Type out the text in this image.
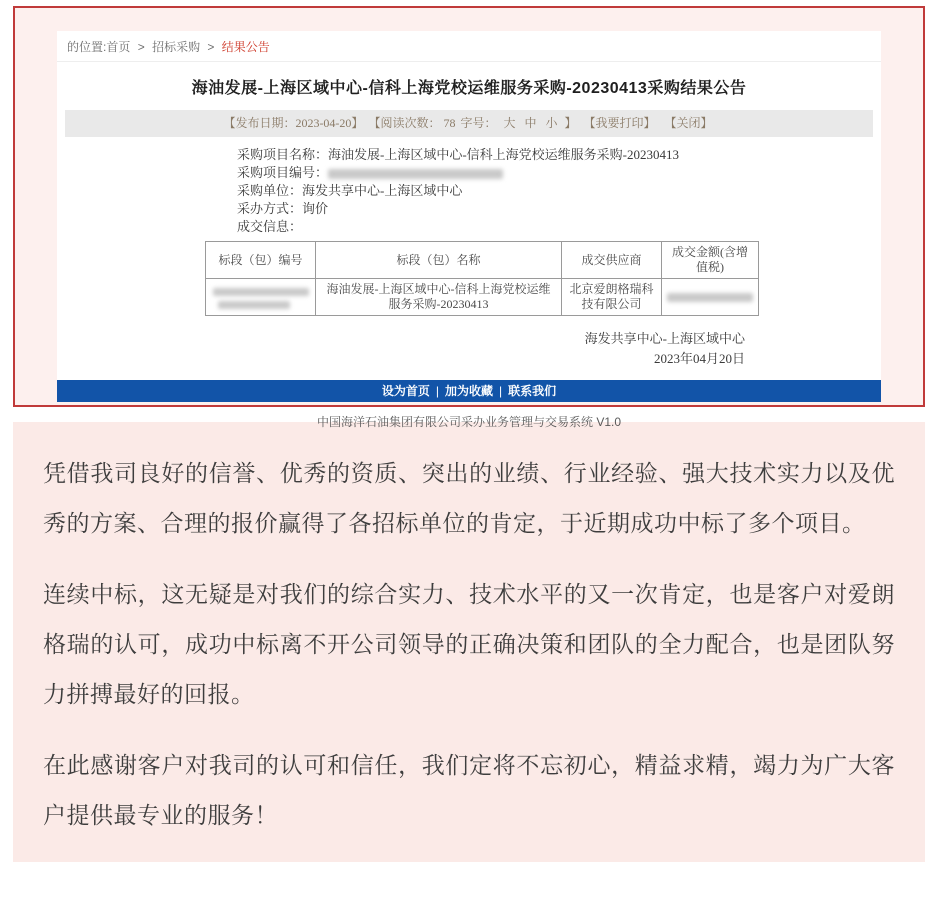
的位置:首页 > 招标采购 > 结果公告
海油发展-上海区域中心-信科上海党校运维服务采购-20230413采购结果公告
【发布日期：2023-04-20】 【阅读次数： 78 字号： 大 中 小 】 【我要打印】 【关闭】
采购项目名称：海油发展-上海区域中心-信科上海党校运维服务采购-20230413
采购项目编号：
采购单位：海发共享中心-上海区域中心
采办方式：询价
成交信息：
标段（包）编号	标段（包）名称	成交供应商	成交金额(含增值税)

	海油发展-上海区域中心-信科上海党校运维服务采购-20230413	北京爱朗格瑞科技有限公司	
海发共享中心-上海区域中心
2023年04月20日
设为首页 | 加为收藏 | 联系我们
中国海洋石油集团有限公司采办业务管理与交易系统 V1.0

凭借我司良好的信誉、优秀的资质、突出的业绩、行业经验、强大技术实力以及优秀的方案、合理的报价赢得了各招标单位的肯定，于近期成功中标了多个项目。

连续中标，这无疑是对我们的综合实力、技术水平的又一次肯定，也是客户对爱朗格瑞的认可，成功中标离不开公司领导的正确决策和团队的全力配合，也是团队努力拼搏最好的回报。

在此感谢客户对我司的认可和信任，我们定将不忘初心，精益求精，竭力为广大客户提供最专业的服务！
